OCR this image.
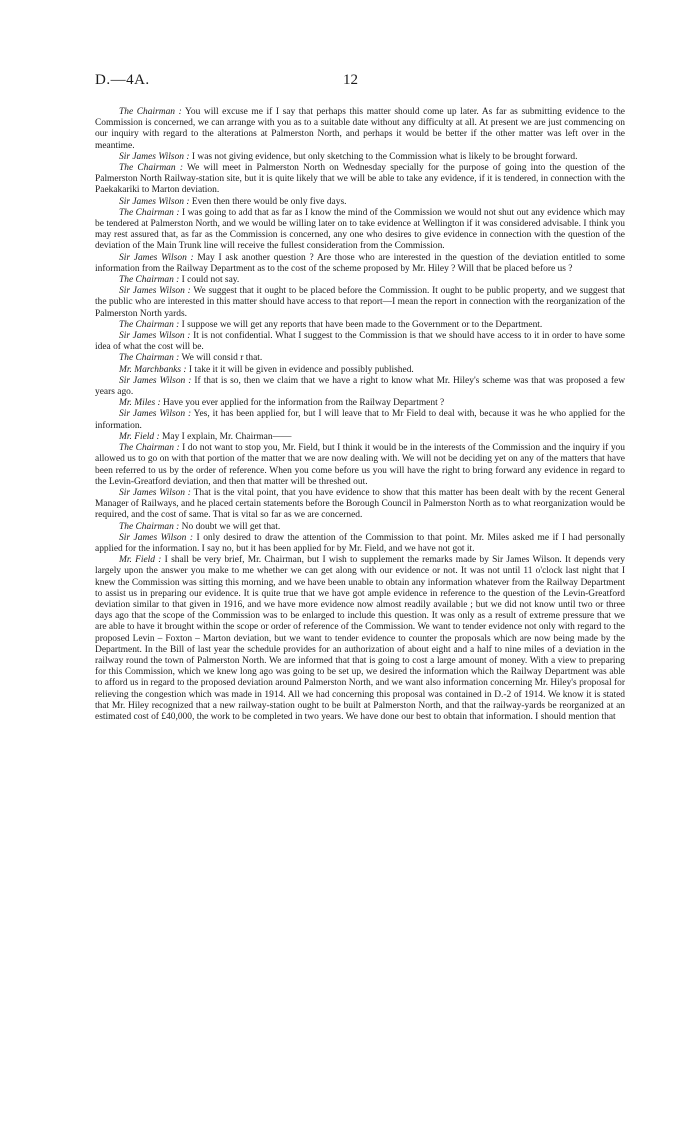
D.—4A.	12

The Chairman : You will excuse me if I say that perhaps this matter should come up later. As far as submitting evidence to the Commission is concerned, we can arrange with you as to a suitable date without any difficulty at all. At present we are just commencing on our inquiry with regard to the alterations at Palmerston North, and perhaps it would be better if the other matter was left over in the meantime.

Sir James Wilson : I was not giving evidence, but only sketching to the Commission what is likely to be brought forward.

The Chairman : We will meet in Palmerston North on Wednesday specially for the purpose of going into the question of the Palmerston North Railway-station site, but it is quite likely that we will be able to take any evidence, if it is tendered, in connection with the Paekakariki to Marton deviation.

Sir James Wilson : Even then there would be only five days.

The Chairman : I was going to add that as far as I know the mind of the Commission we would not shut out any evidence which may be tendered at Palmerston North, and we would be willing later on to take evidence at Wellington if it was considered advisable. I think you may rest assured that, as far as the Commission is concerned, any one who desires to give evidence in connection with the question of the deviation of the Main Trunk line will receive the fullest consideration from the Commission.

Sir James Wilson : May I ask another question ? Are those who are interested in the question of the deviation entitled to some information from the Railway Department as to the cost of the scheme proposed by Mr. Hiley ? Will that be placed before us ?

The Chairman : I could not say.

Sir James Wilson : We suggest that it ought to be placed before the Commission. It ought to be public property, and we suggest that the public who are interested in this matter should have access to that report—I mean the report in connection with the reorganization of the Palmerston North yards.

The Chairman : I suppose we will get any reports that have been made to the Government or to the Department.

Sir James Wilson : It is not confidential. What I suggest to the Commission is that we should have access to it in order to have some idea of what the cost will be.

The Chairman : We will consid r that.

Mr. Marchbanks : I take it it will be given in evidence and possibly published.

Sir James Wilson : If that is so, then we claim that we have a right to know what Mr. Hiley's scheme was that was proposed a few years ago.

Mr. Miles : Have you ever applied for the information from the Railway Department ?

Sir James Wilson : Yes, it has been applied for, but I will leave that to Mr Field to deal with, because it was he who applied for the information.

Mr. Field : May I explain, Mr. Chairman——

The Chairman : I do not want to stop you, Mr. Field, but I think it would be in the interests of the Commission and the inquiry if you allowed us to go on with that portion of the matter that we are now dealing with. We will not be deciding yet on any of the matters that have been referred to us by the order of reference. When you come before us you will have the right to bring forward any evidence in regard to the Levin-Greatford deviation, and then that matter will be threshed out.

Sir James Wilson : That is the vital point, that you have evidence to show that this matter has been dealt with by the recent General Manager of Railways, and he placed certain statements before the Borough Council in Palmerston North as to what reorganization would be required, and the cost of same. That is vital so far as we are concerned.

The Chairman : No doubt we will get that.

Sir James Wilson : I only desired to draw the attention of the Commission to that point. Mr. Miles asked me if I had personally applied for the information. I say no, but it has been applied for by Mr. Field, and we have not got it.

Mr. Field : I shall be very brief, Mr. Chairman, but I wish to supplement the remarks made by Sir James Wilson. It depends very largely upon the answer you make to me whether we can get along with our evidence or not. It was not until 11 o'clock last night that I knew the Commission was sitting this morning, and we have been unable to obtain any information whatever from the Railway Department to assist us in preparing our evidence. It is quite true that we have got ample evidence in reference to the question of the Levin-Greatford deviation similar to that given in 1916, and we have more evidence now almost readily available ; but we did not know until two or three days ago that the scope of the Commission was to be enlarged to include this question. It was only as a result of extreme pressure that we are able to have it brought within the scope or order of reference of the Commission. We want to tender evidence not only with regard to the proposed Levin – Foxton – Marton deviation, but we want to tender evidence to counter the proposals which are now being made by the Department. In the Bill of last year the schedule provides for an authorization of about eight and a half to nine miles of a deviation in the railway round the town of Palmerston North. We are informed that that is going to cost a large amount of money. With a view to preparing for this Commission, which we knew long ago was going to be set up, we desired the information which the Railway Department was able to afford us in regard to the proposed deviation around Palmerston North, and we want also information concerning Mr. Hiley's proposal for relieving the congestion which was made in 1914. All we had concerning this proposal was contained in D.-2 of 1914. We know it is stated that Mr. Hiley recognized that a new railway-station ought to be built at Palmerston North, and that the railway-yards be reorganized at an estimated cost of £40,000, the work to be completed in two years. We have done our best to obtain that information. I should mention that
